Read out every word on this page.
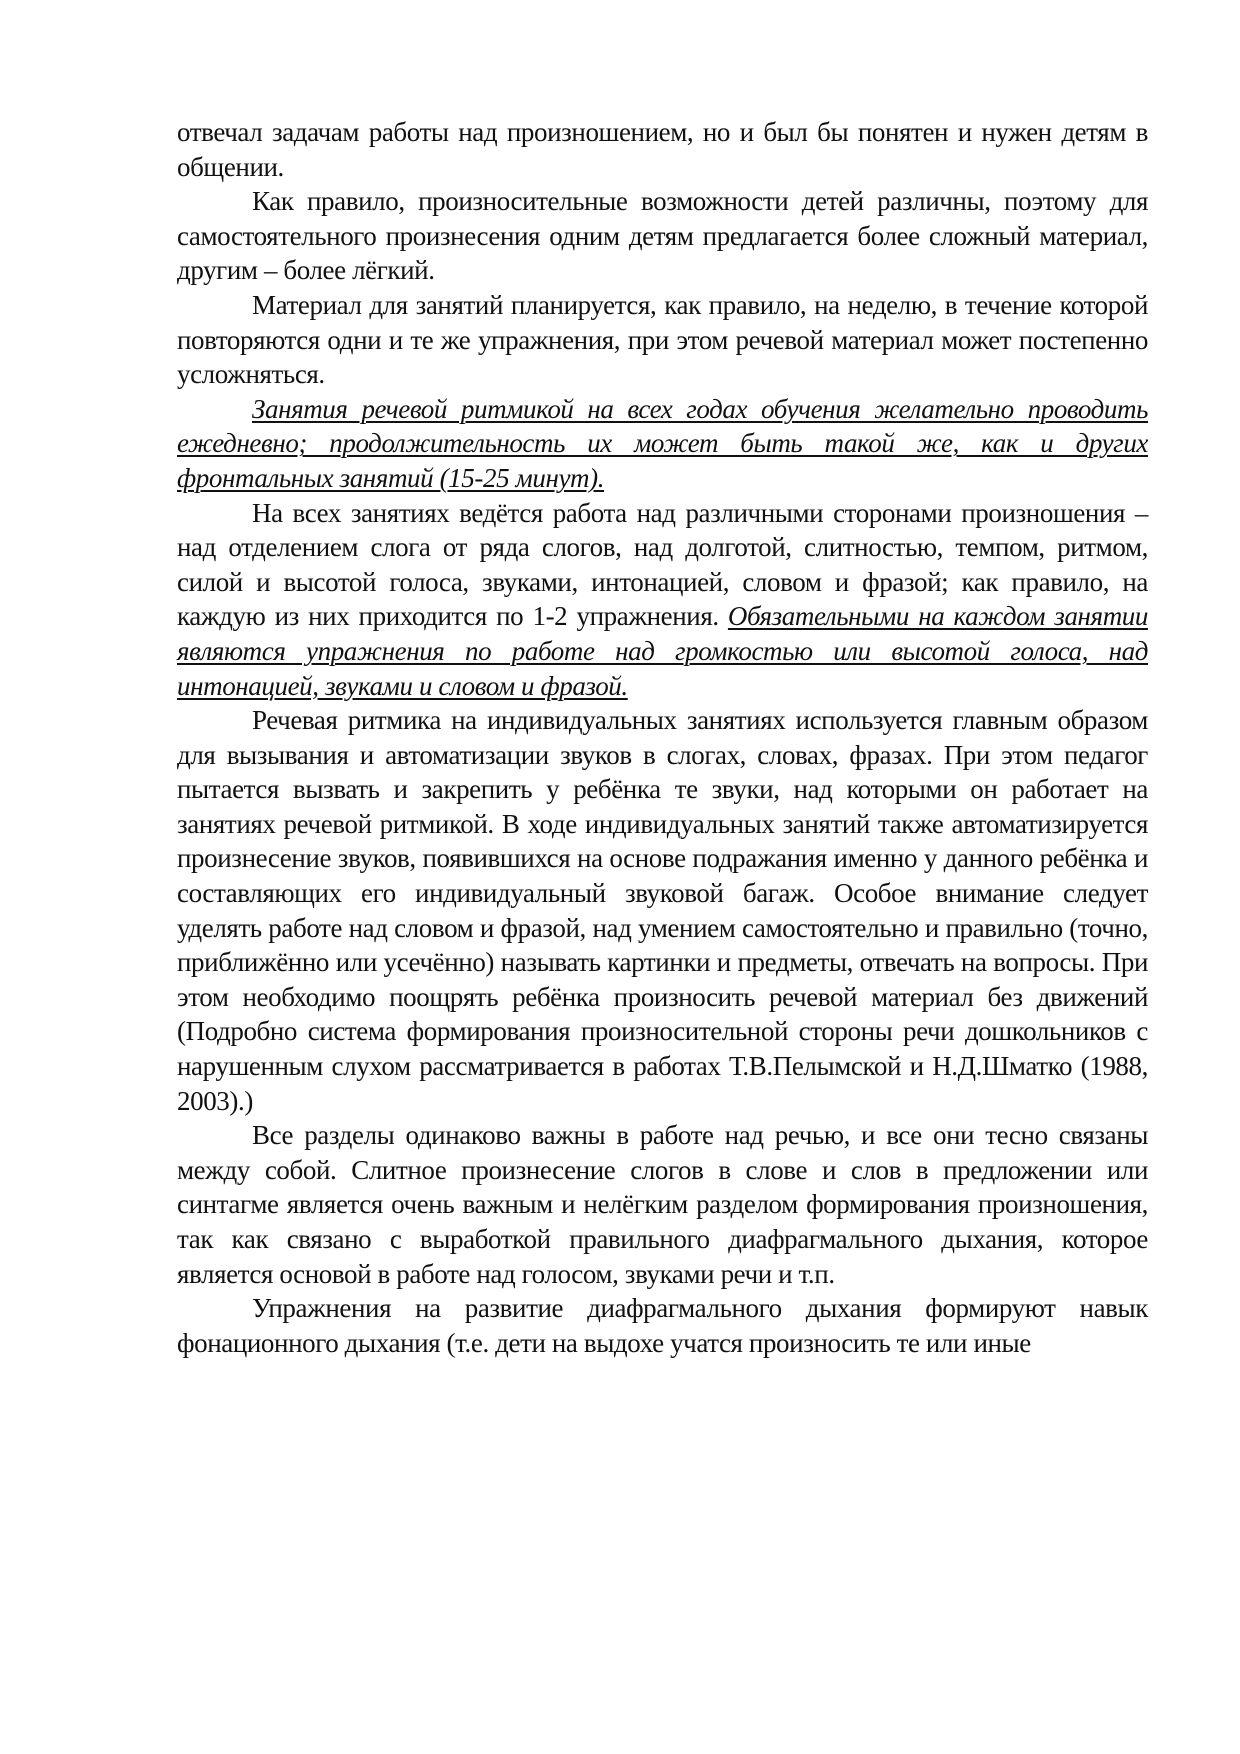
отвечал задачам работы над произношением, но и был бы понятен и нужен детям в общении.

Как правило, произносительные возможности детей различны, поэтому для самостоятельного произнесения одним детям предлагается более сложный материал, другим – более лёгкий.

Материал для занятий планируется, как правило, на неделю, в течение которой повторяются одни и те же упражнения, при этом речевой материал может постепенно усложняться.

Занятия речевой ритмикой на всех годах обучения желательно проводить ежедневно; продолжительность их может быть такой же, как и других фронтальных занятий (15-25 минут).

На всех занятиях ведётся работа над различными сторонами произношения – над отделением слога от ряда слогов, над долготой, слитностью, темпом, ритмом, силой и высотой голоса, звуками, интонацией, словом и фразой; как правило, на каждую из них приходится по 1-2 упражнения. Обязательными на каждом занятии являются упражнения по работе над громкостью или высотой голоса, над интонацией, звуками и словом и фразой.

Речевая ритмика на индивидуальных занятиях используется главным образом для вызывания и автоматизации звуков в слогах, словах, фразах. При этом педагог пытается вызвать и закрепить у ребёнка те звуки, над которыми он работает на занятиях речевой ритмикой. В ходе индивидуальных занятий также автоматизируется произнесение звуков, появившихся на основе подражания именно у данного ребёнка и составляющих его индивидуальный звуковой багаж. Особое внимание следует уделять работе над словом и фразой, над умением самостоятельно и правильно (точно, приближённо или усечённо) называть картинки и предметы, отвечать на вопросы. При этом необходимо поощрять ребёнка произносить речевой материал без движений (Подробно система формирования произносительной стороны речи дошкольников с нарушенным слухом рассматривается в работах Т.В.Пелымской и Н.Д.Шматко (1988, 2003).)

Все разделы одинаково важны в работе над речью, и все они тесно связаны между собой. Слитное произнесение слогов в слове и слов в предложении или синтагме является очень важным и нелёгким разделом формирования произношения, так как связано с выработкой правильного диафрагмального дыхания, которое является основой в работе над голосом, звуками речи и т.п.

Упражнения на развитие диафрагмального дыхания формируют навык фонационного дыхания (т.е. дети на выдохе учатся произносить те или иные
